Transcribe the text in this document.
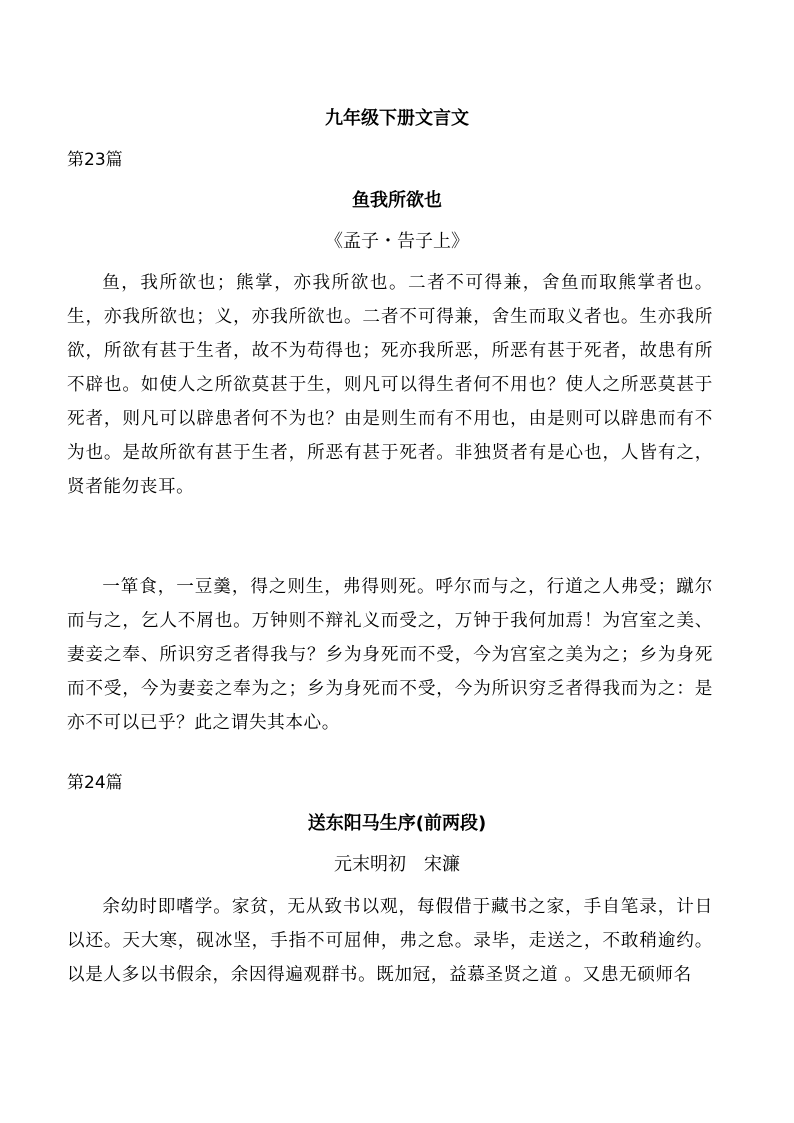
九年级下册文言文
第23篇
鱼我所欲也
《孟子・告子上》

鱼，我所欲也；熊掌，亦我所欲也。二者不可得兼，舍鱼而取熊掌者也。生，亦我所欲也；义，亦我所欲也。二者不可得兼，舍生而取义者也。生亦我所欲，所欲有甚于生者，故不为苟得也；死亦我所恶，所恶有甚于死者，故患有所不辟也。如使人之所欲莫甚于生，则凡可以得生者何不用也？使人之所恶莫甚于死者，则凡可以辟患者何不为也？由是则生而有不用也，由是则可以辟患而有不为也。是故所欲有甚于生者，所恶有甚于死者。非独贤者有是心也，人皆有之，贤者能勿丧耳。

一箪食，一豆羹，得之则生，弗得则死。呼尔而与之，行道之人弗受；蹴尔而与之，乞人不屑也。万钟则不辩礼义而受之，万钟于我何加焉！为宫室之美、妻妾之奉、所识穷乏者得我与？乡为身死而不受，今为宫室之美为之；乡为身死而不受，今为妻妾之奉为之；乡为身死而不受，今为所识穷乏者得我而为之：是亦不可以已乎？此之谓失其本心。

第24篇
送东阳马生序(前两段)
元末明初　宋濂

余幼时即嗜学。家贫，无从致书以观，每假借于藏书之家，手自笔录，计日以还。天大寒，砚冰坚，手指不可屈伸，弗之怠。录毕，走送之，不敢稍逾约。以是人多以书假余，余因得遍观群书。既加冠，益慕圣贤之道 。又患无硕师名
